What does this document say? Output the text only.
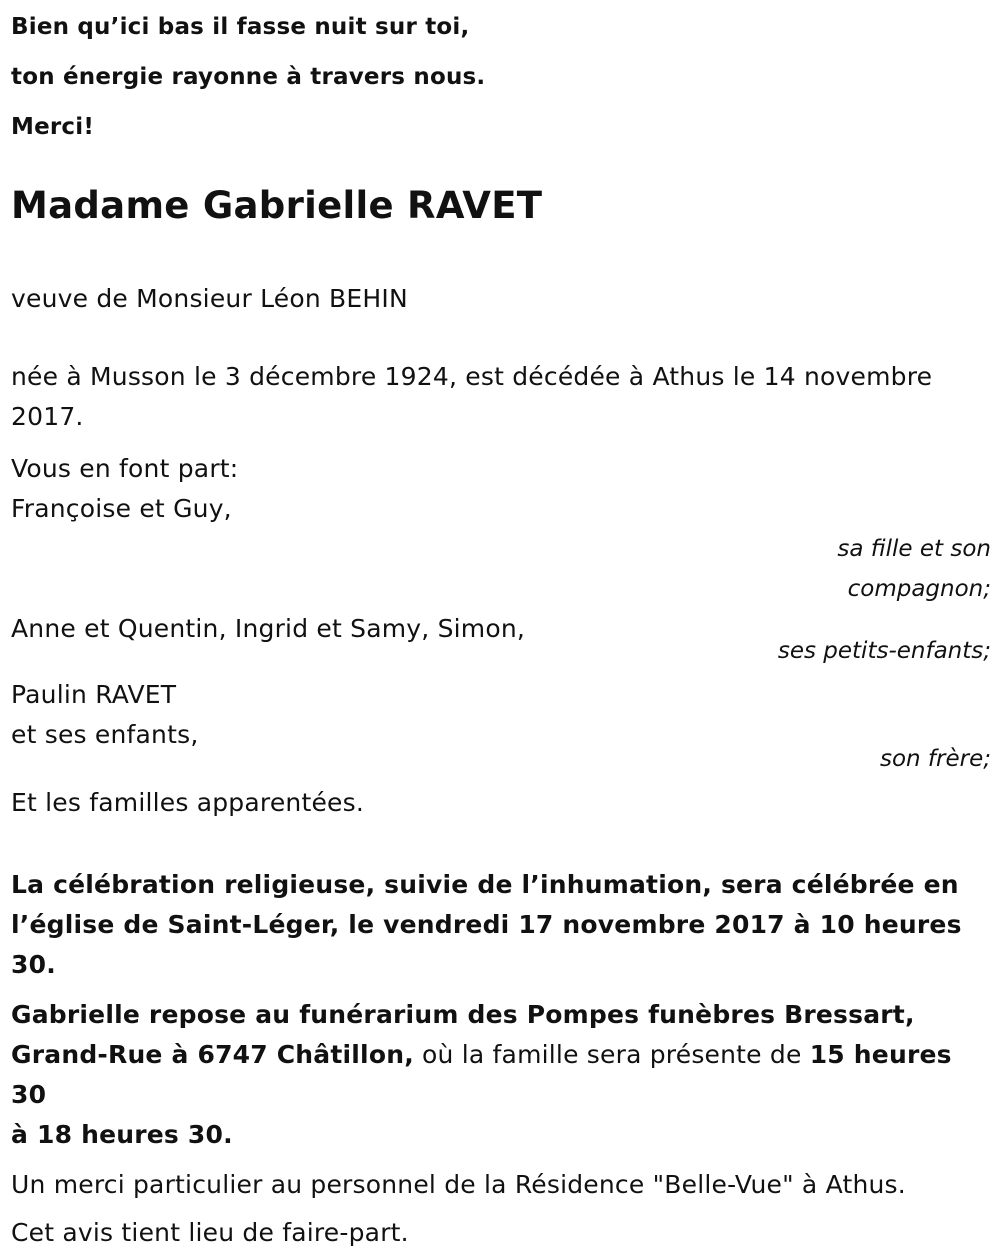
Bien qu’ici bas il fasse nuit sur toi,
ton énergie rayonne à travers nous.
Merci!
Madame Gabrielle RAVET
veuve de Monsieur Léon BEHIN
née à Musson le 3 décembre 1924, est décédée à Athus le 14 novembre
2017.
Vous en font part:
Françoise et Guy,
sa fille et son
compagnon;
Anne et Quentin, Ingrid et Samy, Simon,
ses petits-enfants;
Paulin RAVET
et ses enfants,
son frère;
Et les familles apparentées.
La célébration religieuse, suivie de l’inhumation, sera célébrée en
l’église de Saint-Léger, le vendredi 17 novembre 2017 à 10 heures 30.
Gabrielle repose au funérarium des Pompes funèbres Bressart,
Grand-Rue à 6747 Châtillon, où la famille sera présente de 15 heures 30
à 18 heures 30.
Un merci particulier au personnel de la Résidence "Belle-Vue" à Athus.
Cet avis tient lieu de faire-part.
